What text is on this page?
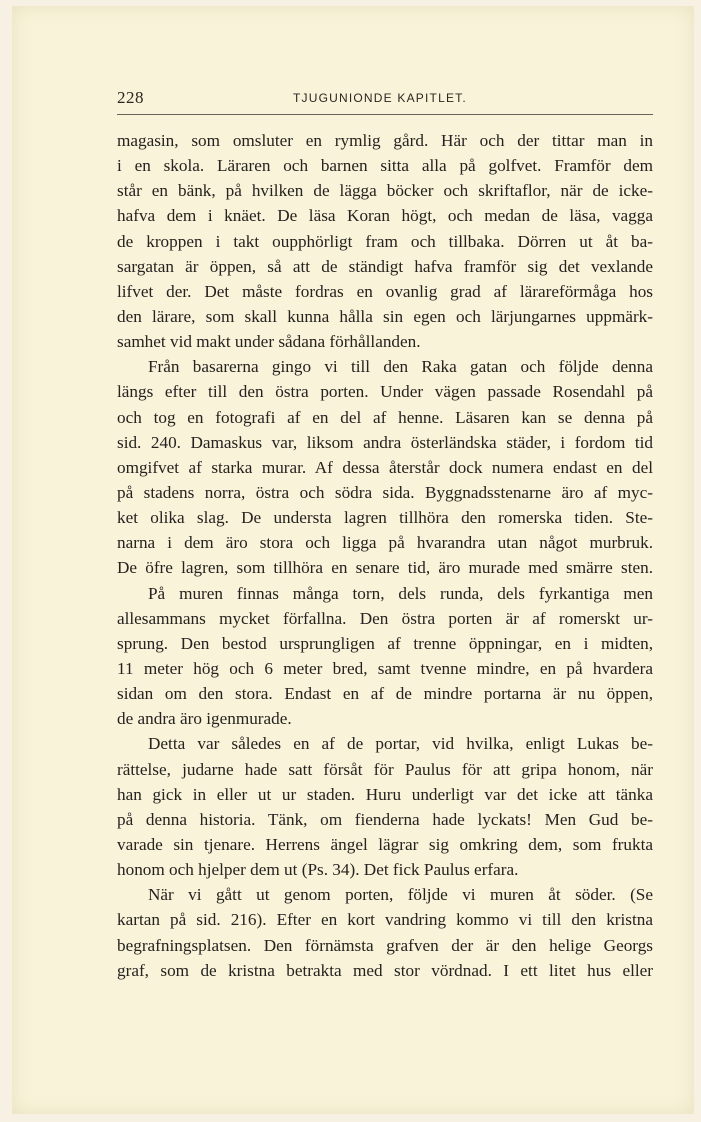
228	TJUGUNIONDE KAPITLET.
magasin, som omsluter en rymlig gård. Här och der tittar man in
i en skola. Läraren och barnen sitta alla på golfvet. Framför dem
står en bänk, på hvilken de lägga böcker och skriftaflor, när de icke-
hafva dem i knäet. De läsa Koran högt, och medan de läsa, vagga
de kroppen i takt oupphörligt fram och tillbaka. Dörren ut åt ba-
sargatan är öppen, så att de ständigt hafva framför sig det vexlande
lifvet der. Det måste fordras en ovanlig grad af lärareförmåga hos
den lärare, som skall kunna hålla sin egen och lärjungarnes uppmärk-
samhet vid makt under sådana förhållanden.
Från basarerna gingo vi till den Raka gatan och följde denna
längs efter till den östra porten. Under vägen passade Rosendahl på
och tog en fotografi af en del af henne. Läsaren kan se denna på
sid. 240. Damaskus var, liksom andra österländska städer, i fordom tid
omgifvet af starka murar. Af dessa återstår dock numera endast en del
på stadens norra, östra och södra sida. Byggnadsstenarne äro af myc-
ket olika slag. De understa lagren tillhöra den romerska tiden. Ste-
narna i dem äro stora och ligga på hvarandra utan något murbruk.
De öfre lagren, som tillhöra en senare tid, äro murade med smärre sten.
På muren finnas många torn, dels runda, dels fyrkantiga men
allesammans mycket förfallna. Den östra porten är af romerskt ur-
sprung. Den bestod ursprungligen af trenne öppningar, en i midten,
11 meter hög och 6 meter bred, samt tvenne mindre, en på hvardera
sidan om den stora. Endast en af de mindre portarna är nu öppen,
de andra äro igenmurade.
Detta var således en af de portar, vid hvilka, enligt Lukas be-
rättelse, judarne hade satt försåt för Paulus för att gripa honom, när
han gick in eller ut ur staden. Huru underligt var det icke att tänka
på denna historia. Tänk, om fienderna hade lyckats! Men Gud be-
varade sin tjenare. Herrens ängel lägrar sig omkring dem, som frukta
honom och hjelper dem ut (Ps. 34). Det fick Paulus erfara.
När vi gått ut genom porten, följde vi muren åt söder. (Se
kartan på sid. 216). Efter en kort vandring kommo vi till den kristna
begrafningsplatsen. Den förnämsta grafven der är den helige Georgs
graf, som de kristna betrakta med stor vördnad. I ett litet hus eller
